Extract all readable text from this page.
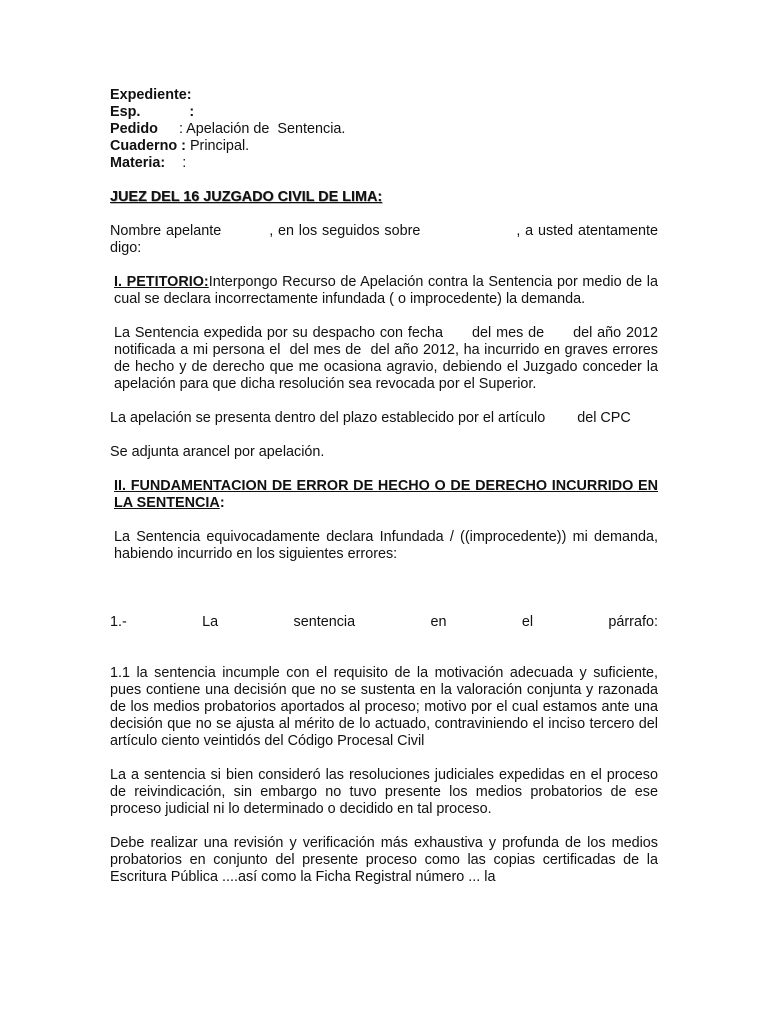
Expediente:
Esp.	:
Pedido : Apelación de  Sentencia.
Cuaderno : Principal.
Materia: :
JUEZ DEL 16 JUZGADO CIVIL DE LIMA:

Nombre apelante          , en los seguidos sobre                    , a usted atentamente digo:

I. PETITORIO:Interpongo Recurso de Apelación contra la Sentencia por medio de la cual se declara incorrectamente infundada ( o improcedente) la demanda.

La Sentencia expedida por su despacho con fecha      del mes de      del año 2012 notificada a mi persona el  del mes de  del año 2012, ha incurrido en graves errores de hecho y de derecho que me ocasiona agravio, debiendo el Juzgado conceder la apelación para que dicha resolución sea revocada por el Superior.

La apelación se presenta dentro del plazo establecido por el artículo        del CPC

Se adjunta arancel por apelación.

II. FUNDAMENTACION DE ERROR DE HECHO O DE DERECHO INCURRIDO EN LA SENTENCIA:

La Sentencia equivocadamente declara Infundada / ((improcedente)) mi demanda, habiendo incurrido en los siguientes errores:

1.-	La	sentencia	en	el	párrafo:

1.1 la sentencia incumple con el requisito de la motivación adecuada y suficiente, pues contiene una decisión que no se sustenta en la valoración conjunta y razonada de los medios probatorios aportados al proceso; motivo por el cual estamos ante una decisión que no se ajusta al mérito de lo actuado, contraviniendo el inciso tercero del artículo ciento veintidós del Código Procesal Civil

La a sentencia si bien consideró las resoluciones judiciales expedidas en el proceso de reivindicación, sin embargo no tuvo presente los medios probatorios de ese proceso judicial ni lo determinado o decidido en tal proceso.

Debe realizar una revisión y verificación más exhaustiva y profunda de los medios probatorios en conjunto del presente proceso como las copias certificadas de la Escritura Pública ....así como la Ficha Registral número ... la
